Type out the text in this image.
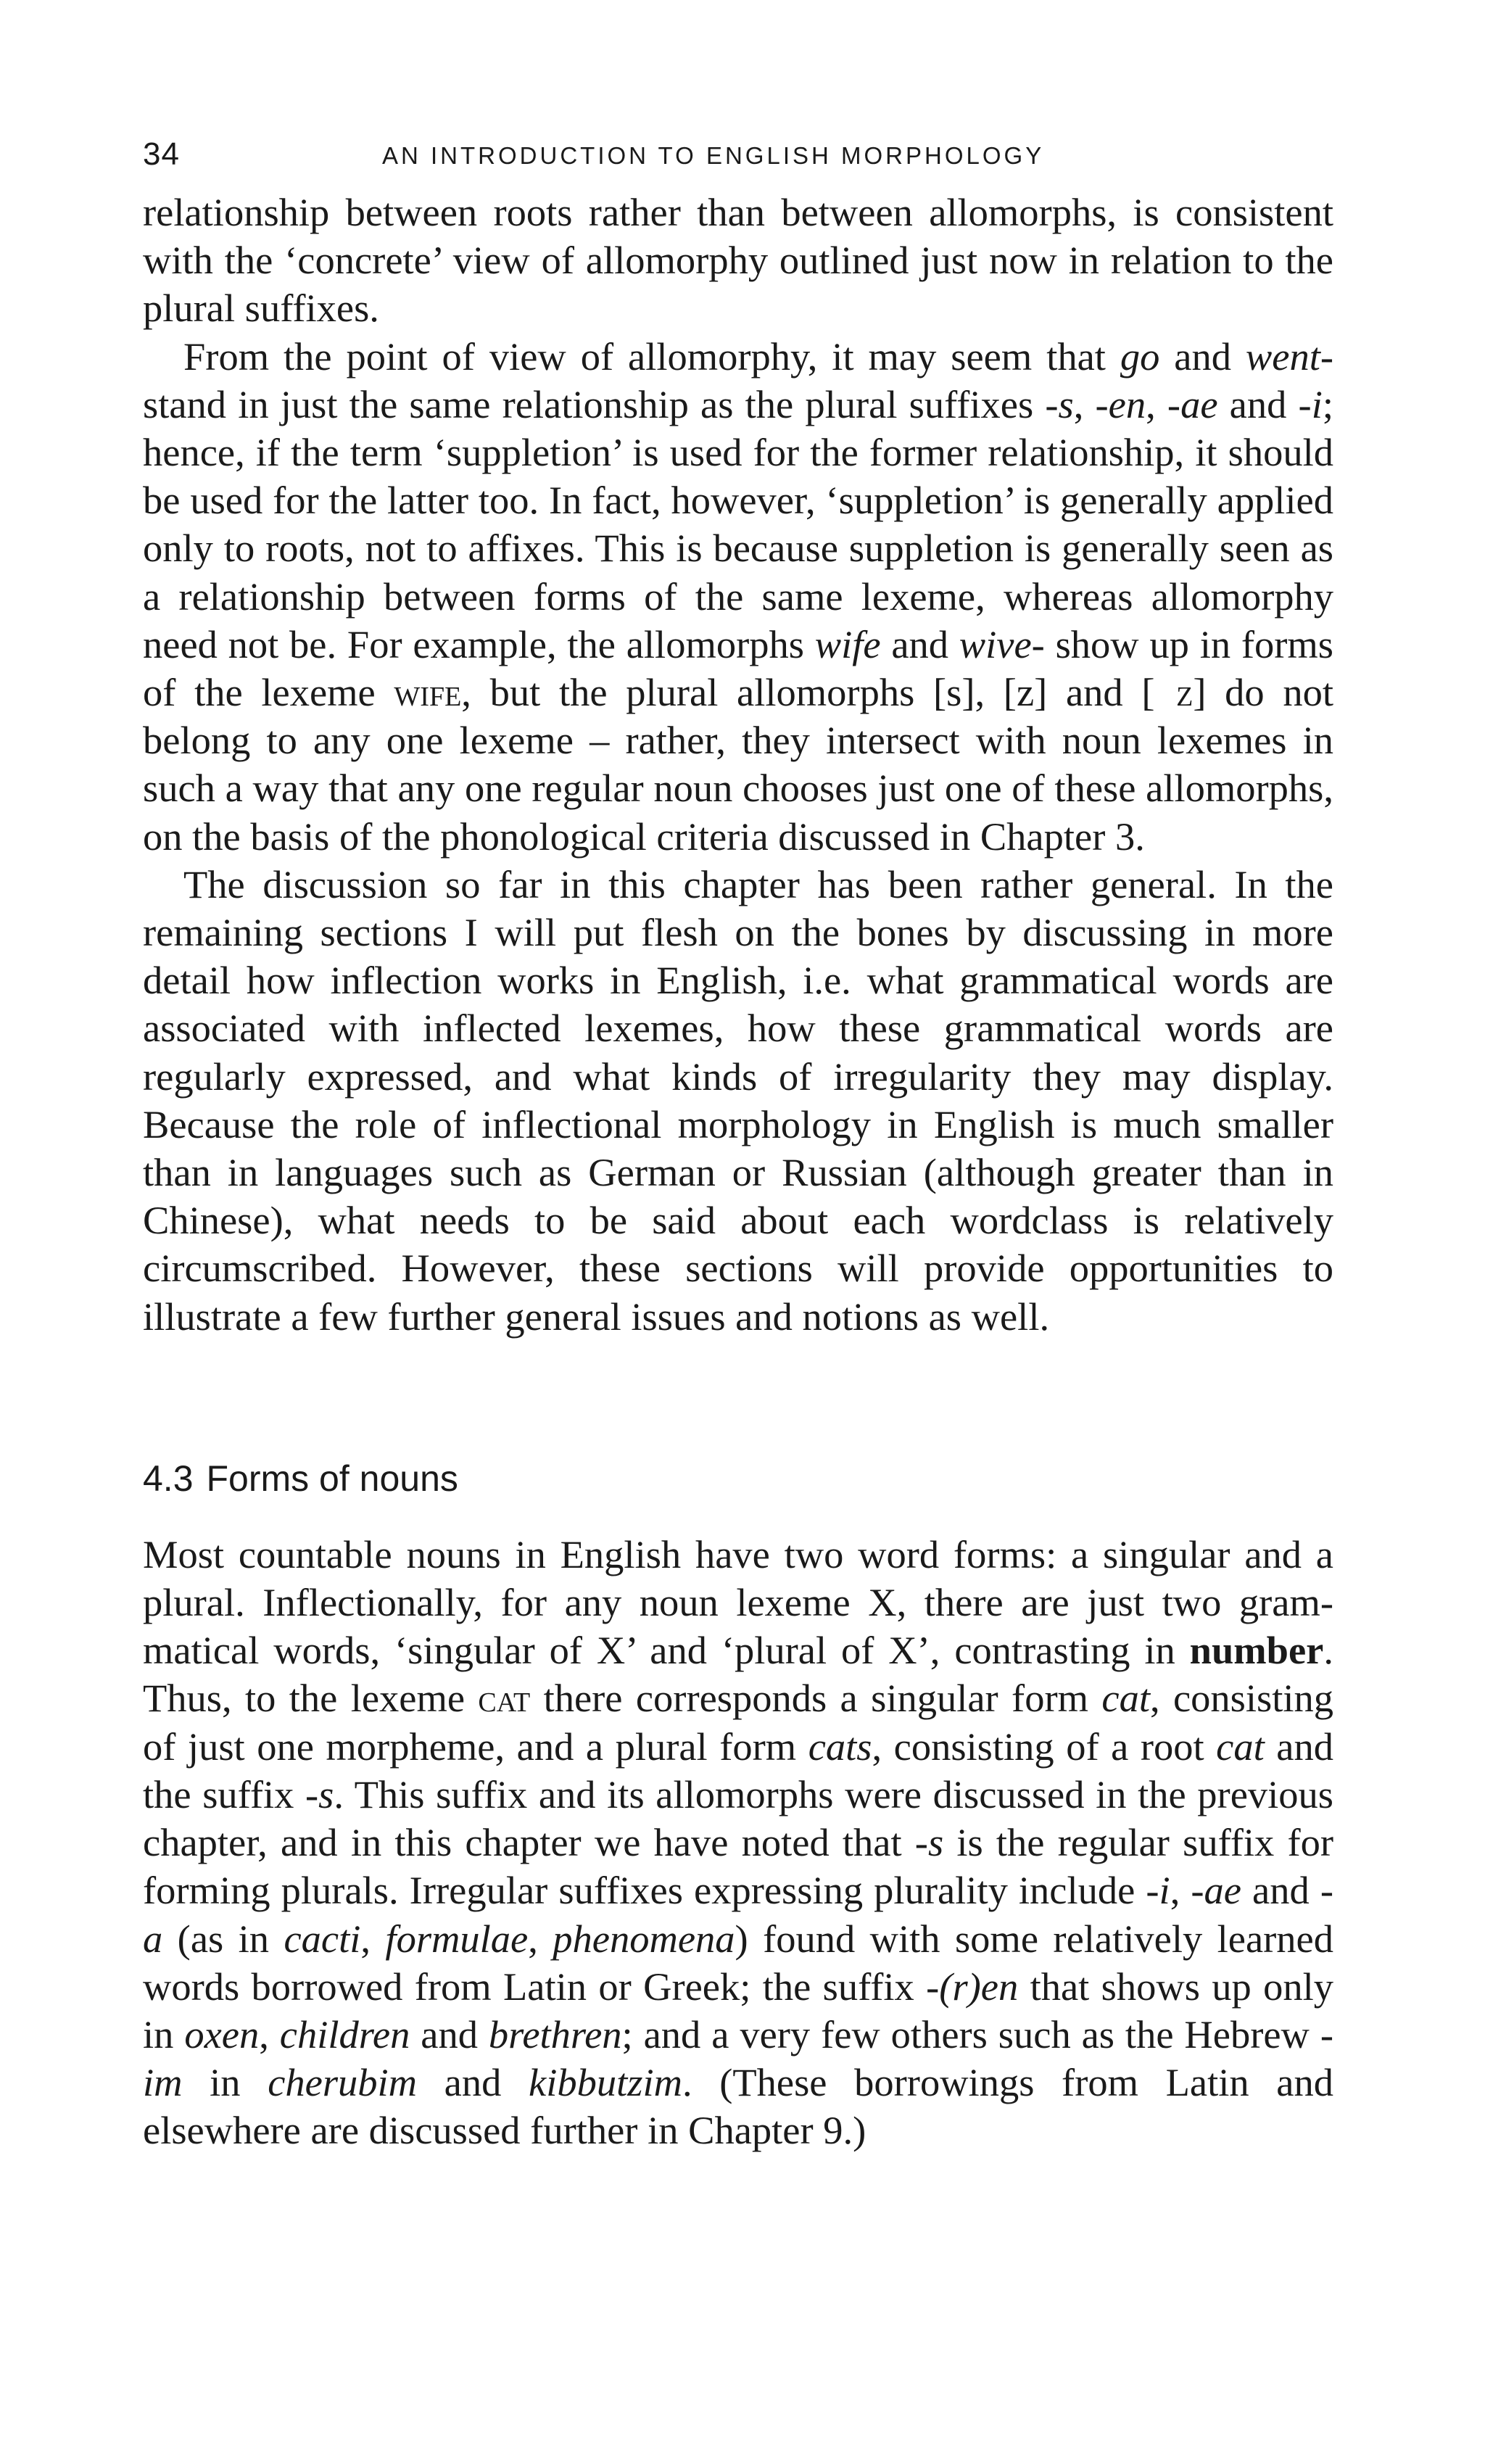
34	AN INTRODUCTION TO ENGLISH MORPHOLOGY

relationship between roots rather than between allomorphs, is consistent with the ‘concrete’ view of allomorphy outlined just now in relation to the plural suffixes.

From the point of view of allomorphy, it may seem that go and went- stand in just the same relationship as the plural suffixes -s, -en, -ae and -i; hence, if the term ‘suppletion’ is used for the former relationship, it should be used for the latter too. In fact, however, ‘suppletion’ is generally applied only to roots, not to affixes. This is because suppletion is generally seen as a relationship between forms of the same lexeme, whereas allomorphy need not be. For example, the allomorphs wife and wive- show up in forms of the lexeme wife, but the plural allomorphs [s], [z] and [ɪz] do not belong to any one lexeme – rather, they intersect with noun lexemes in such a way that any one regular noun chooses just one of these allomorphs, on the basis of the phonological criteria discussed in Chapter 3.

The discussion so far in this chapter has been rather general. In the remaining sections I will put flesh on the bones by discussing in more detail how inflection works in English, i.e. what grammatical words are associated with inflected lexemes, how these grammatical words are regularly expressed, and what kinds of irregularity they may display. Because the role of inflectional morphology in English is much smaller than in languages such as German or Russian (although greater than in Chinese), what needs to be said about each wordclass is relatively circumscribed. However, these sections will provide opportunities to illustrate a few further general issues and notions as well.

4.3 Forms of nouns

Most countable nouns in English have two word forms: a singular and a plural. Inflectionally, for any noun lexeme X, there are just two grammatical words, ‘singular of X’ and ‘plural of X’, contrasting in number. Thus, to the lexeme cat there corresponds a singular form cat, consisting of just one morpheme, and a plural form cats, consisting of a root cat and the suffix -s. This suffix and its allomorphs were discussed in the previous chapter, and in this chapter we have noted that -s is the regular suffix for forming plurals. Irregular suffixes expressing plurality include -i, -ae and -a (as in cacti, formulae, phenomena) found with some relatively learned words borrowed from Latin or Greek; the suffix -(r)en that shows up only in oxen, children and brethren; and a very few others such as the Hebrew -im in cherubim and kibbutzim. (These borrowings from Latin and elsewhere are discussed further in Chapter 9.)
